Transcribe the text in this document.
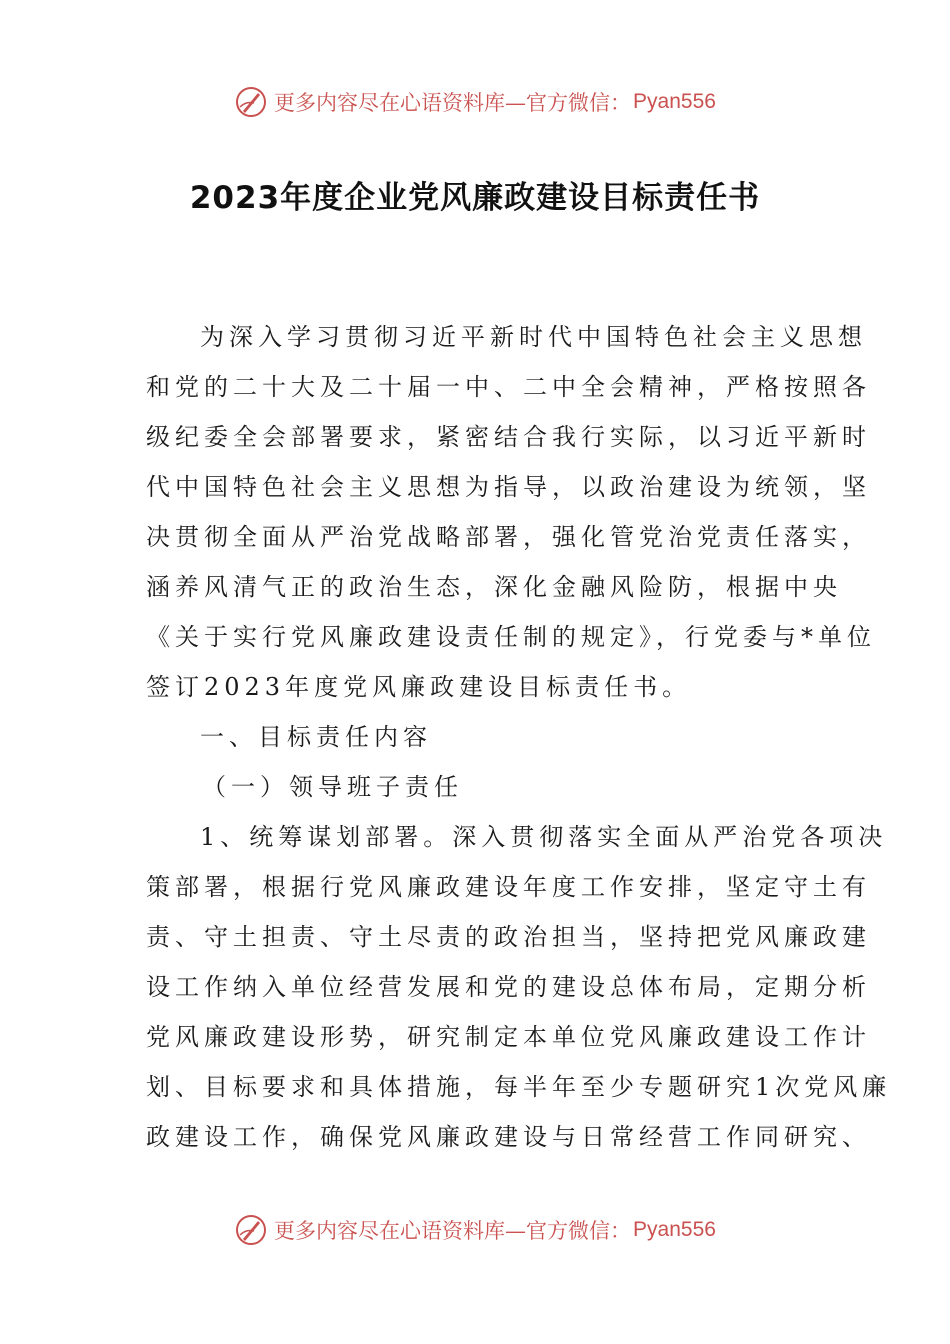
更多内容尽在心语资料库—官方微信： Pyan556
2023年度企业党风廉政建设目标责任书
为深入学习贯彻习近平新时代中国特色社会主义思想
和党的二十大及二十届一中、二中全会精神，严格按照各
级纪委全会部署要求，紧密结合我行实际，以习近平新时
代中国特色社会主义思想为指导，以政治建设为统领，坚
决贯彻全面从严治党战略部署，强化管党治党责任落实，
涵养风清气正的政治生态，深化金融风险防，根据中央
《关于实行党风廉政建设责任制的规定》，行党委与*单位
签订2023年度党风廉政建设目标责任书。
一、目标责任内容
（一）领导班子责任
1、统筹谋划部署。深入贯彻落实全面从严治党各项决
策部署，根据行党风廉政建设年度工作安排，坚定守土有
责、守土担责、守土尽责的政治担当，坚持把党风廉政建
设工作纳入单位经营发展和党的建设总体布局，定期分析
党风廉政建设形势，研究制定本单位党风廉政建设工作计
划、目标要求和具体措施，每半年至少专题研究1次党风廉
政建设工作，确保党风廉政建设与日常经营工作同研究、
更多内容尽在心语资料库—官方微信： Pyan556
